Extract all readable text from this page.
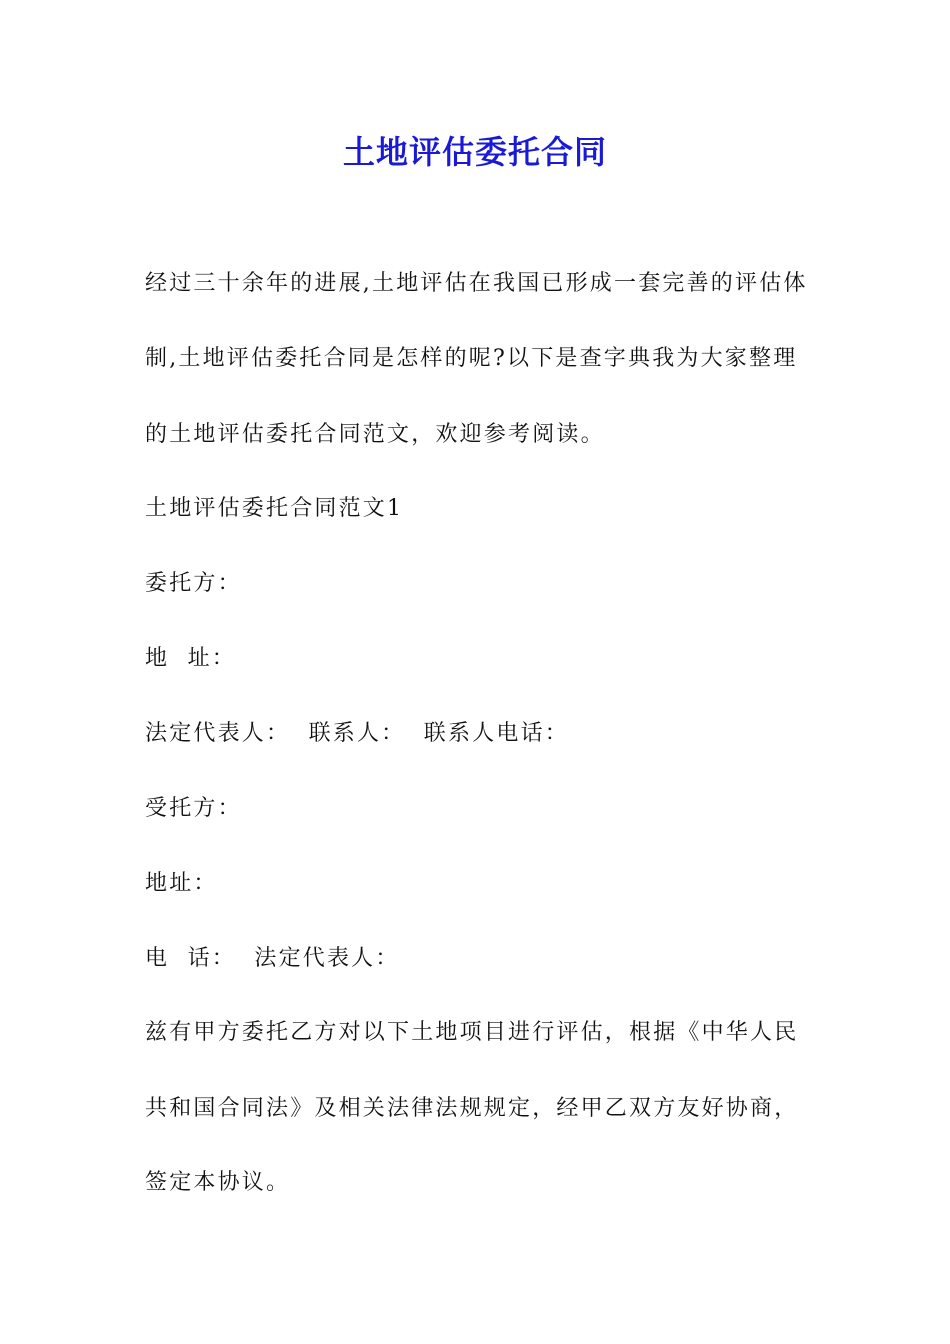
土地评估委托合同
经过三十余年的进展,土地评估在我国已形成一套完善的评估体
制,土地评估委托合同是怎样的呢?以下是查字典我为大家整理
的土地评估委托合同范文，欢迎参考阅读。
土地评估委托合同范文1
委托方：
地  址：
法定代表人：  联系人：  联系人电话：
受托方：
地址：
电  话：  法定代表人：
兹有甲方委托乙方对以下土地项目进行评估，根据《中华人民
共和国合同法》及相关法律法规规定，经甲乙双方友好协商，
签定本协议。
